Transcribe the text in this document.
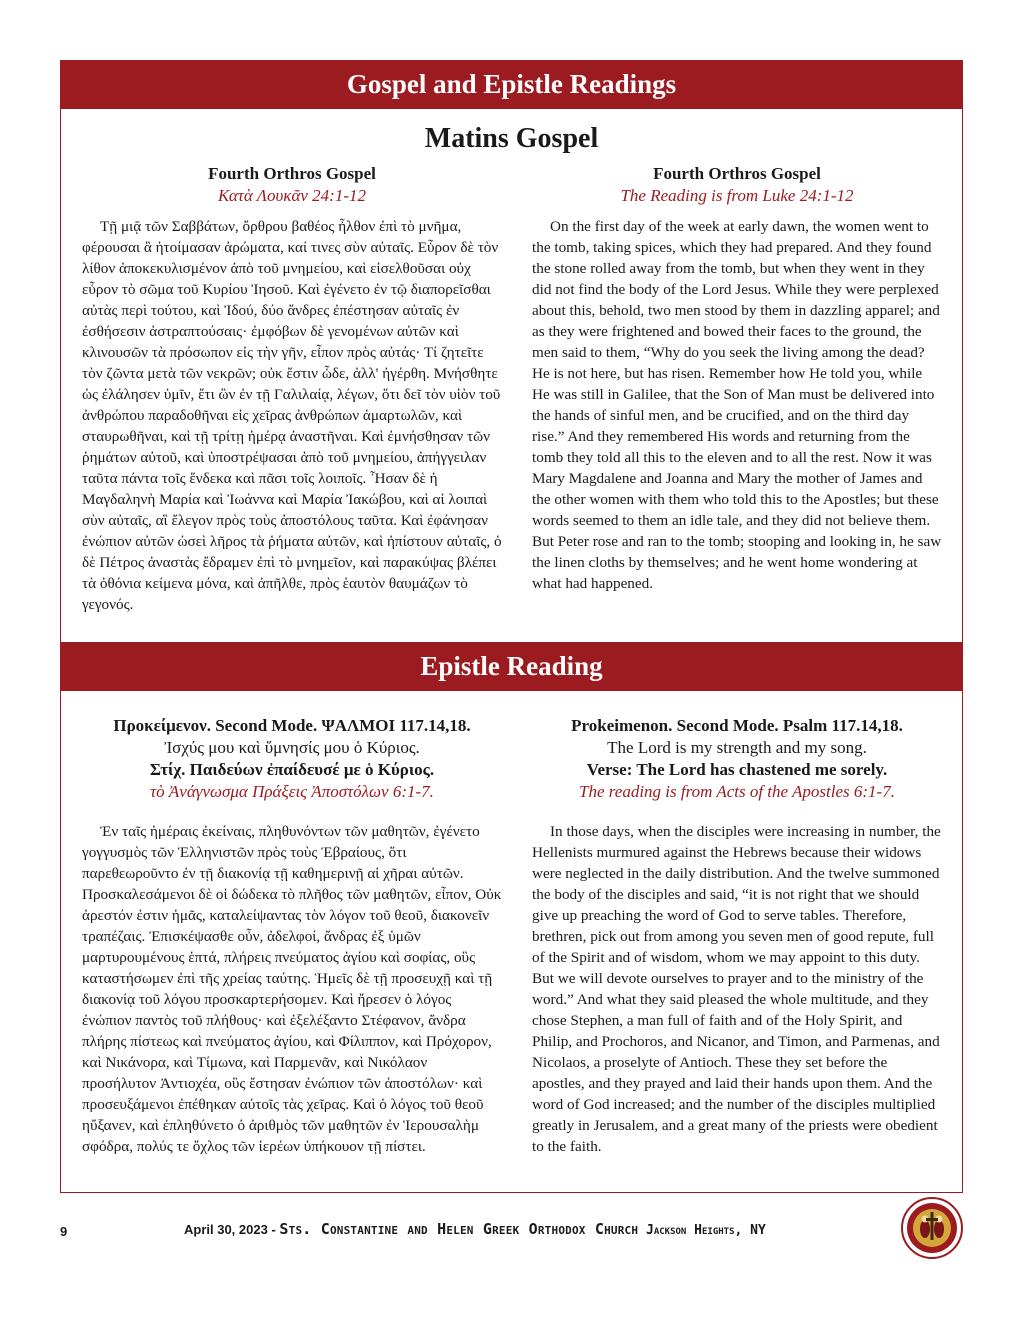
Gospel and Epistle Readings
Matins Gospel
Fourth Orthros Gospel
Κατὰ Λουκᾶν 24:1-12
Fourth Orthros Gospel
The Reading is from Luke 24:1-12

Τῇ μιᾷ τῶν Σαββάτων, ὄρθρου βαθέος ἦλθον ἐπὶ τὸ μνῆμα, φέρουσαι ἃ ἡτοίμασαν ἀρώματα, καί τινες σὺν αὐταῖς. Εὗρον δὲ τὸν λίθον ἀποκεκυλισμένον ἀπὸ τοῦ μνημείου, καὶ εἰσελθοῦσαι οὐχ εὗρον τὸ σῶμα τοῦ Κυρίου Ἰησοῦ. Καὶ ἐγένετο ἐν τῷ διαπορεῖσθαι αὐτὰς περὶ τούτου, καὶ Ἰδού, δύο ἄνδρες ἐπέστησαν αὐταῖς ἐν ἐσθήσεσιν ἀστραπτούσαις· ἐμφόβων δὲ γενομένων αὐτῶν καὶ κλινουσῶν τὰ πρόσωπον εἰς τὴν γῆν, εἶπον πρὸς αὐτάς· Τί ζητεῖτε τὸν ζῶντα μετὰ τῶν νεκρῶν; οὐκ ἔστιν ὧδε, ἀλλ' ἠγέρθη. Μνήσθητε ὡς ἐλάλησεν ὑμῖν, ἔτι ὢν ἐν τῇ Γαλιλαίᾳ, λέγων, ὅτι δεῖ τὸν υἱὸν τοῦ ἀνθρώπου παραδοθῆναι εἰς χεῖρας ἀνθρώπων ἁμαρτωλῶν, καὶ σταυρωθῆναι, καὶ τῇ τρίτῃ ἡμέρᾳ ἀναστῆναι. Καὶ ἐμνήσθησαν τῶν ῥημάτων αὐτοῦ, καὶ ὑποστρέψασαι ἀπὸ τοῦ μνημείου, ἀπήγγειλαν ταῦτα πάντα τοῖς ἕνδεκα καὶ πᾶσι τοῖς λοιποῖς. Ἦσαν δὲ ἡ Μαγδαληνὴ Μαρία καὶ Ἰωάννα καὶ Μαρία Ἰακώβου, καὶ αἱ λοιπαὶ σὺν αὐταῖς, αἳ ἔλεγον πρὸς τοὺς ἀποστόλους ταῦτα. Καὶ ἐφάνησαν ἐνώπιον αὐτῶν ὡσεὶ λῆρος τὰ ῥήματα αὐτῶν, καὶ ἠπίστουν αὐταῖς, ὁ δὲ Πέτρος ἀναστὰς ἔδραμεν ἐπὶ τὸ μνημεῖον, καὶ παρακύψας βλέπει τὰ ὀθόνια κείμενα μόνα, καὶ ἀπῆλθε, πρὸς ἑαυτὸν θαυμάζων τὸ γεγονός.

On the first day of the week at early dawn, the women went to the tomb, taking spices, which they had prepared. And they found the stone rolled away from the tomb, but when they went in they did not find the body of the Lord Jesus. While they were perplexed about this, behold, two men stood by them in dazzling apparel; and as they were frightened and bowed their faces to the ground, the men said to them, “Why do you seek the living among the dead? He is not here, but has risen. Remember how He told you, while He was still in Galilee, that the Son of Man must be delivered into the hands of sinful men, and be crucified, and on the third day rise.” And they remembered His words and returning from the tomb they told all this to the eleven and to all the rest. Now it was Mary Magdalene and Joanna and Mary the mother of James and the other women with them who told this to the Apostles; but these words seemed to them an idle tale, and they did not believe them. But Peter rose and ran to the tomb; stooping and looking in, he saw the linen cloths by themselves; and he went home wondering at what had happened.

Epistle Reading
Προκείμενον. Second Mode. ΨΑΛΜΟΙ 117.14,18.
Ἰσχύς μου καὶ ὕμνησίς μου ὁ Κύριος.
Στίχ. Παιδεύων ἐπαίδευσέ με ὁ Κύριος.
τὸ Ἀνάγνωσμα Πράξεις Ἀποστόλων 6:1-7.
Prokeimenon. Second Mode. Psalm 117.14,18.
The Lord is my strength and my song.
Verse: The Lord has chastened me sorely.
The reading is from Acts of the Apostles 6:1-7.

Ἐν ταῖς ἡμέραις ἐκείναις, πληθυνόντων τῶν μαθητῶν, ἐγένετο γογγυσμὸς τῶν Ἑλληνιστῶν πρὸς τοὺς Ἑβραίους, ὅτι παρεθεωροῦντο ἐν τῇ διακονίᾳ τῇ καθημερινῇ αἱ χῆραι αὐτῶν. Προσκαλεσάμενοι δὲ οἱ δώδεκα τὸ πλῆθος τῶν μαθητῶν, εἶπον, Οὐκ ἀρεστόν ἐστιν ἡμᾶς, καταλείψαντας τὸν λόγον τοῦ θεοῦ, διακονεῖν τραπέζαις. Ἐπισκέψασθε οὖν, ἀδελφοί, ἄνδρας ἐξ ὑμῶν μαρτυρουμένους ἑπτά, πλήρεις πνεύματος ἁγίου καὶ σοφίας, οὓς καταστήσωμεν ἐπὶ τῆς χρείας ταύτης. Ἡμεῖς δὲ τῇ προσευχῇ καὶ τῇ διακονίᾳ τοῦ λόγου προσκαρτερήσομεν. Καὶ ἤρεσεν ὁ λόγος ἐνώπιον παντὸς τοῦ πλήθους· καὶ ἐξελέξαντο Στέφανον, ἄνδρα πλήρης πίστεως καὶ πνεύματος ἁγίου, καὶ Φίλιππον, καὶ Πρόχορον, καὶ Νικάνορα, καὶ Τίμωνα, καὶ Παρμενᾶν, καὶ Νικόλαον προσήλυτον Ἀντιοχέα, οὓς ἔστησαν ἐνώπιον τῶν ἀποστόλων· καὶ προσευξάμενοι ἐπέθηκαν αὐτοῖς τὰς χεῖρας. Καὶ ὁ λόγος τοῦ θεοῦ ηὔξανεν, καὶ ἐπληθύνετο ὁ ἀριθμὸς τῶν μαθητῶν ἐν Ἱερουσαλὴμ σφόδρα, πολύς τε ὄχλος τῶν ἱερέων ὑπήκουον τῇ πίστει.

In those days, when the disciples were increasing in number, the Hellenists murmured against the Hebrews because their widows were neglected in the daily distribution. And the twelve summoned the body of the disciples and said, “it is not right that we should give up preaching the word of God to serve tables. Therefore, brethren, pick out from among you seven men of good repute, full of the Spirit and of wisdom, whom we may appoint to this duty. But we will devote ourselves to prayer and to the ministry of the word.” And what they said pleased the whole multitude, and they chose Stephen, a man full of faith and of the Holy Spirit, and Philip, and Prochoros, and Nicanor, and Timon, and Parmenas, and Nicolaos, a proselyte of Antioch. These they set before the apostles, and they prayed and laid their hands upon them. And the word of God increased; and the number of the disciples multiplied greatly in Jerusalem, and a great many of the priests were obedient to the faith.

9	April 30, 2023 - Sts. Constantine and Helen Greek Orthodox Church Jackson Heights, NY
